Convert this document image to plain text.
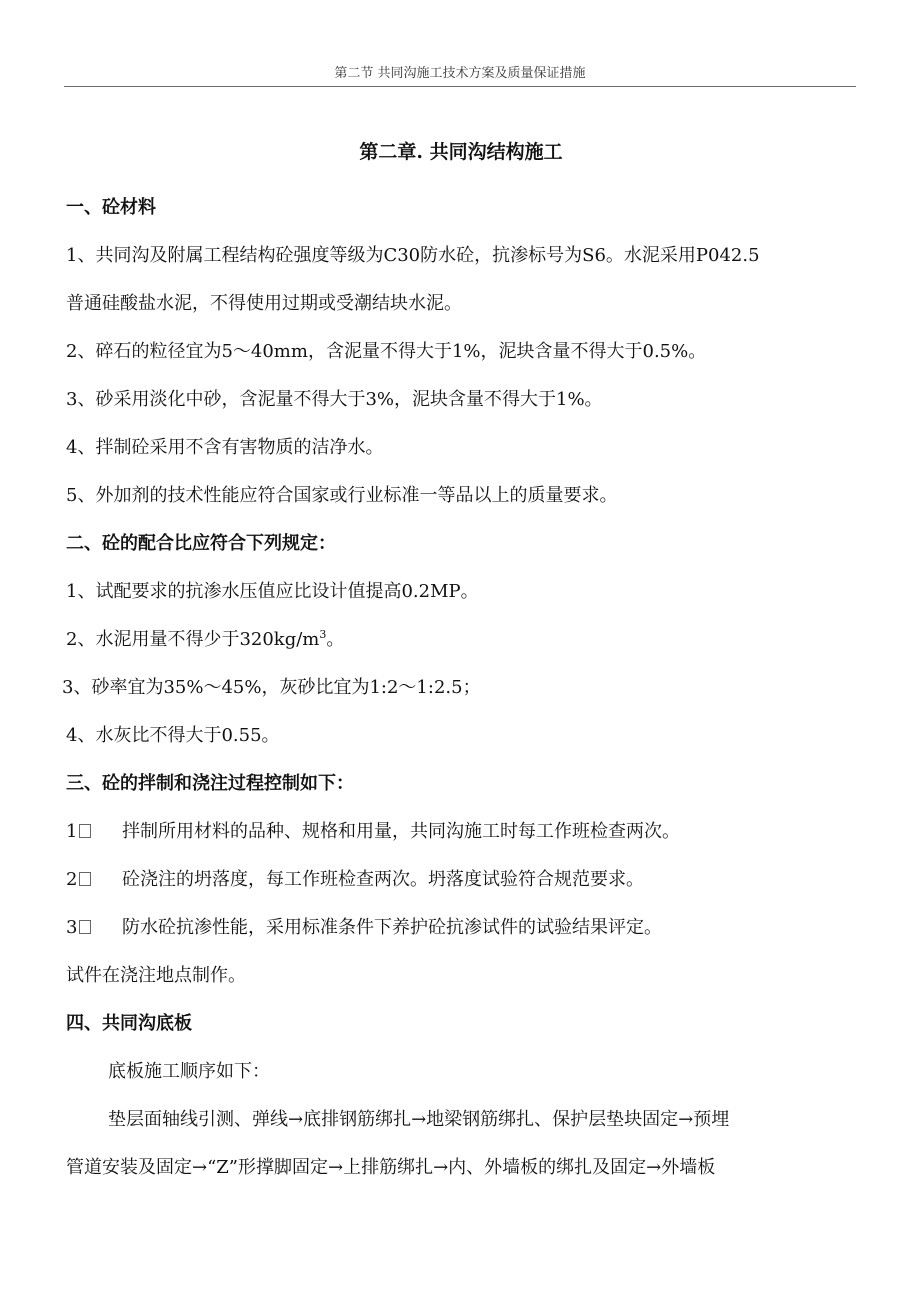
第二节 共同沟施工技术方案及质量保证措施
第二章. 共同沟结构施工
一、砼材料
1、共同沟及附属工程结构砼强度等级为C30防水砼，抗渗标号为S6。水泥采用P042.5
普通硅酸盐水泥，不得使用过期或受潮结块水泥。
2、碎石的粒径宜为5～40mm，含泥量不得大于1%，泥块含量不得大于0.5%。
3、砂采用淡化中砂，含泥量不得大于3%，泥块含量不得大于1%。
4、拌制砼采用不含有害物质的洁净水。
5、外加剂的技术性能应符合国家或行业标准一等品以上的质量要求。
二、砼的配合比应符合下列规定：
1、试配要求的抗渗水压值应比设计值提高0.2MP。
2、水泥用量不得少于$320kg/m^3$。
3、砂率宜为35%～45%，灰砂比宜为1:2～1:2.5；
4、水灰比不得大于0.55。
三、砼的拌制和浇注过程控制如下：
1 拌制所用材料的品种、规格和用量，共同沟施工时每工作班检查两次。
2 砼浇注的坍落度，每工作班检查两次。坍落度试验符合规范要求。
3 防水砼抗渗性能，采用标准条件下养护砼抗渗试件的试验结果评定。
试件在浇注地点制作。
四、共同沟底板
底板施工顺序如下：
垫层面轴线引测、弹线→底排钢筋绑扎→地梁钢筋绑扎、保护层垫块固定→预埋
管道安装及固定→“Z”形撑脚固定→上排筋绑扎→内、外墙板的绑扎及固定→外墙板
